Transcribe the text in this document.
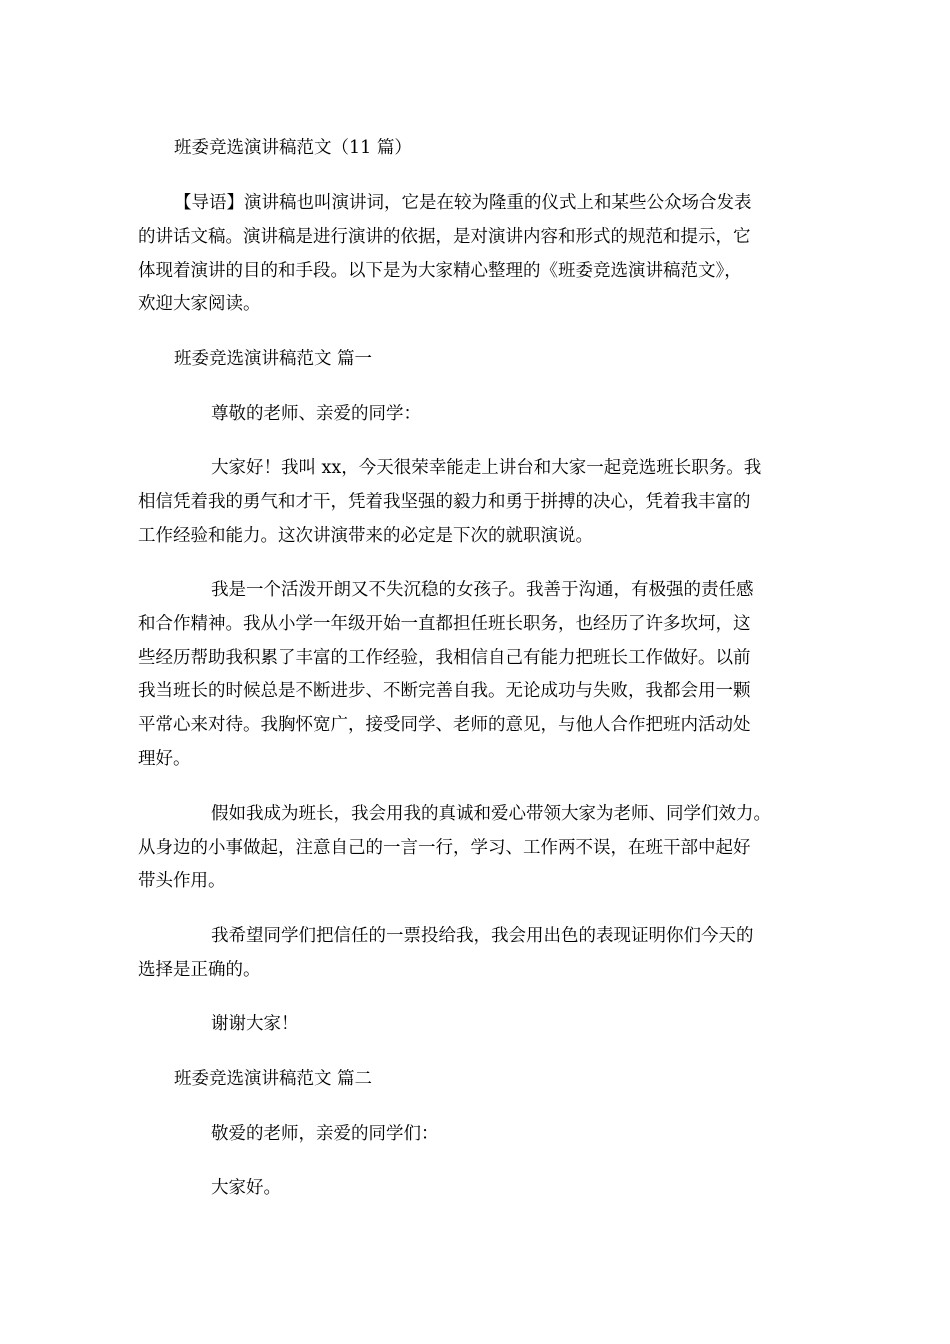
班委竞选演讲稿范文（11 篇）
【导语】演讲稿也叫演讲词，它是在较为隆重的仪式上和某些公众场合发表
的讲话文稿。演讲稿是进行演讲的依据，是对演讲内容和形式的规范和提示，它
体现着演讲的目的和手段。以下是为大家精心整理的《班委竞选演讲稿范文》，
欢迎大家阅读。
班委竞选演讲稿范文 篇一
尊敬的老师、亲爱的同学：
大家好！我叫 xx，今天很荣幸能走上讲台和大家一起竞选班长职务。我
相信凭着我的勇气和才干，凭着我坚强的毅力和勇于拼搏的决心，凭着我丰富的
工作经验和能力。这次讲演带来的必定是下次的就职演说。
我是一个活泼开朗又不失沉稳的女孩子。我善于沟通，有极强的责任感
和合作精神。我从小学一年级开始一直都担任班长职务，也经历了许多坎坷，这
些经历帮助我积累了丰富的工作经验，我相信自己有能力把班长工作做好。以前
我当班长的时候总是不断进步、不断完善自我。无论成功与失败，我都会用一颗
平常心来对待。我胸怀宽广，接受同学、老师的意见，与他人合作把班内活动处
理好。
假如我成为班长，我会用我的真诚和爱心带领大家为老师、同学们效力。
从身边的小事做起，注意自己的一言一行，学习、工作两不误，在班干部中起好
带头作用。
我希望同学们把信任的一票投给我，我会用出色的表现证明你们今天的
选择是正确的。
谢谢大家！
班委竞选演讲稿范文 篇二
敬爱的老师，亲爱的同学们：
大家好。
